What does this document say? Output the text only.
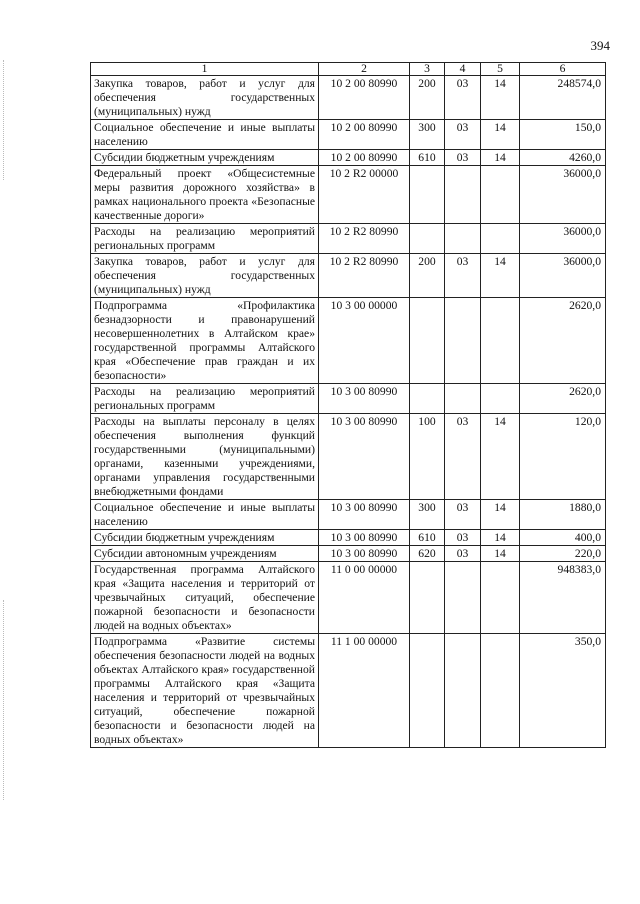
394
1	2	3	4	5	6
Закупка товаров, работ и услуг для обеспечения государственных (муниципальных) нужд	10 2 00 80990	200	03	14	248574,0
Социальное обеспечение и иные выплаты населению	10 2 00 80990	300	03	14	150,0
Субсидии бюджетным учреждениям	10 2 00 80990	610	03	14	4260,0
Федеральный проект «Общесистемные меры развития дорожного хозяйства» в рамках национального проекта «Безопасные качественные дороги»	10 2 R2 00000				36000,0
Расходы на реализацию мероприятий региональных программ	10 2 R2 80990				36000,0
Закупка товаров, работ и услуг для обеспечения государственных (муниципальных) нужд	10 2 R2 80990	200	03	14	36000,0
Подпрограмма «Профилактика безнадзорности и правонарушений несовершеннолетних в Алтайском крае» государственной программы Алтайского края «Обеспечение прав граждан и их безопасности»	10 3 00 00000				2620,0
Расходы на реализацию мероприятий региональных программ	10 3 00 80990				2620,0
Расходы на выплаты персоналу в целях обеспечения выполнения функций государственными (муниципальными) органами, казенными учреждениями, органами управления государственными внебюджетными фондами	10 3 00 80990	100	03	14	120,0
Социальное обеспечение и иные выплаты населению	10 3 00 80990	300	03	14	1880,0
Субсидии бюджетным учреждениям	10 3 00 80990	610	03	14	400,0
Субсидии автономным учреждениям	10 3 00 80990	620	03	14	220,0
Государственная программа Алтайского края «Защита населения и территорий от чрезвычайных ситуаций, обеспечение пожарной безопасности и безопасности людей на водных объектах»	11 0 00 00000				948383,0
Подпрограмма «Развитие системы обеспечения безопасности людей на водных объектах Алтайского края» государственной программы Алтайского края «Защита населения и территорий от чрезвычайных ситуаций, обеспечение пожарной безопасности и безопасности людей на водных объектах»	11 1 00 00000				350,0
